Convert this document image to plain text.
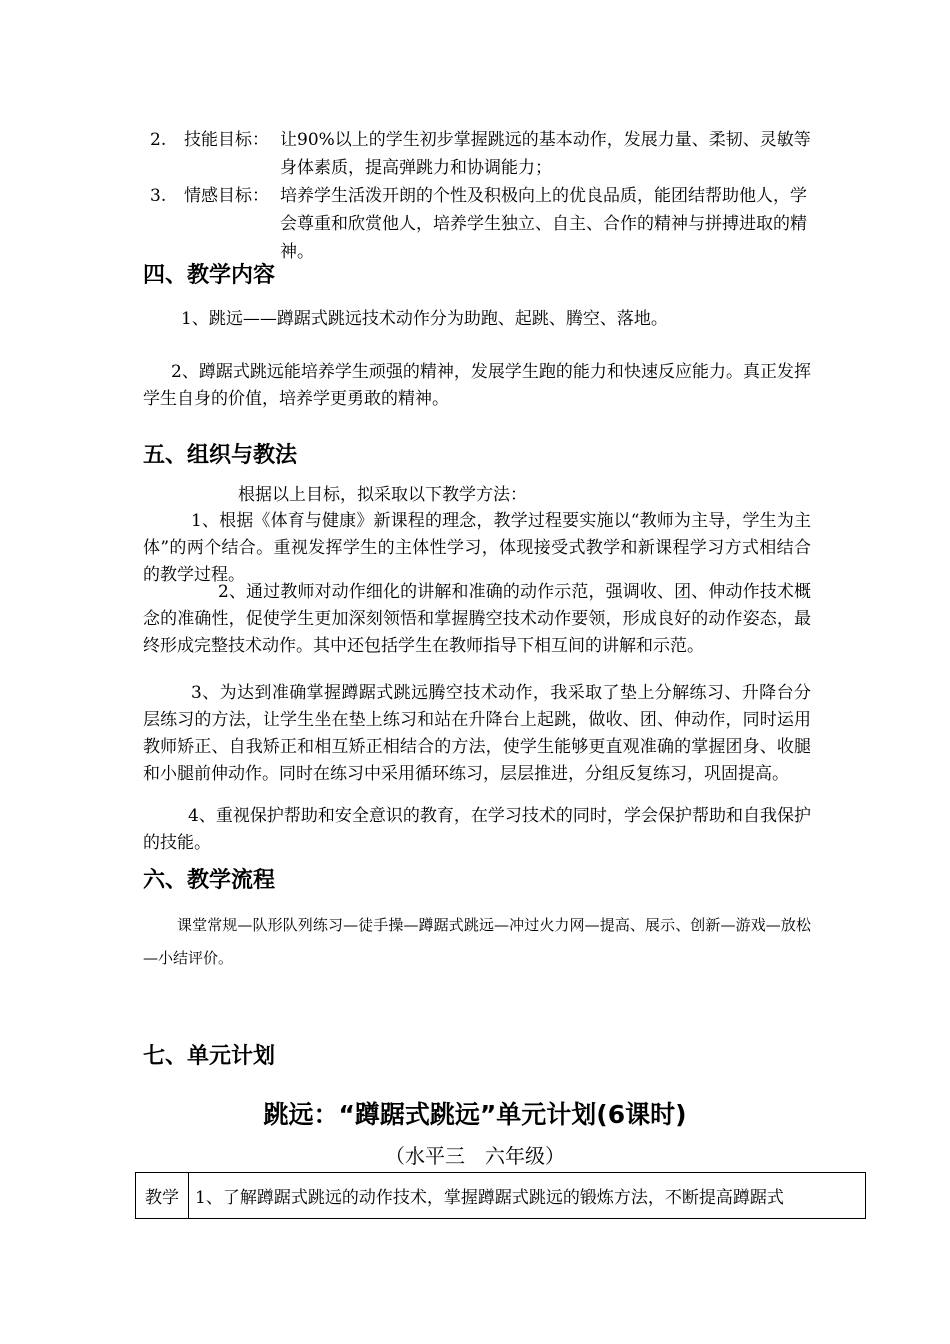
2.	技能目标： 让90%以上的学生初步掌握跳远的基本动作，发展力量、柔韧、灵敏等身体素质，提高弹跳力和协调能力；
3.	情感目标： 培养学生活泼开朗的个性及积极向上的优良品质，能团结帮助他人，学会尊重和欣赏他人，培养学生独立、自主、合作的精神与拼搏进取的精神。
四、教学内容
1、跳远——蹲踞式跳远技术动作分为助跑、起跳、腾空、落地。
2、蹲踞式跳远能培养学生顽强的精神，发展学生跑的能力和快速反应能力。真正发挥学生自身的价值，培养学更勇敢的精神。
五、组织与教法
根据以上目标，拟采取以下教学方法：
1、根据《体育与健康》新课程的理念，教学过程要实施以“教师为主导，学生为主体”的两个结合。重视发挥学生的主体性学习，体现接受式教学和新课程学习方式相结合的教学过程。
2、通过教师对动作细化的讲解和准确的动作示范，强调收、团、伸动作技术概念的准确性，促使学生更加深刻领悟和掌握腾空技术动作要领，形成良好的动作姿态，最终形成完整技术动作。其中还包括学生在教师指导下相互间的讲解和示范。
3、为达到准确掌握蹲踞式跳远腾空技术动作，我采取了垫上分解练习、升降台分层练习的方法，让学生坐在垫上练习和站在升降台上起跳，做收、团、伸动作，同时运用教师矫正、自我矫正和相互矫正相结合的方法，使学生能够更直观准确的掌握团身、收腿和小腿前伸动作。同时在练习中采用循环练习，层层推进，分组反复练习，巩固提高。
4、重视保护帮助和安全意识的教育，在学习技术的同时，学会保护帮助和自我保护的技能。
六、教学流程
课堂常规—队形队列练习—徒手操—蹲踞式跳远—冲过火力网—提高、展示、创新—游戏—放松—小结评价。
七、单元计划
跳远：“蹲踞式跳远”单元计划(6课时)
（水平三　六年级）
教学	1、了解蹲踞式跳远的动作技术，掌握蹲踞式跳远的锻炼方法，不断提高蹲踞式
